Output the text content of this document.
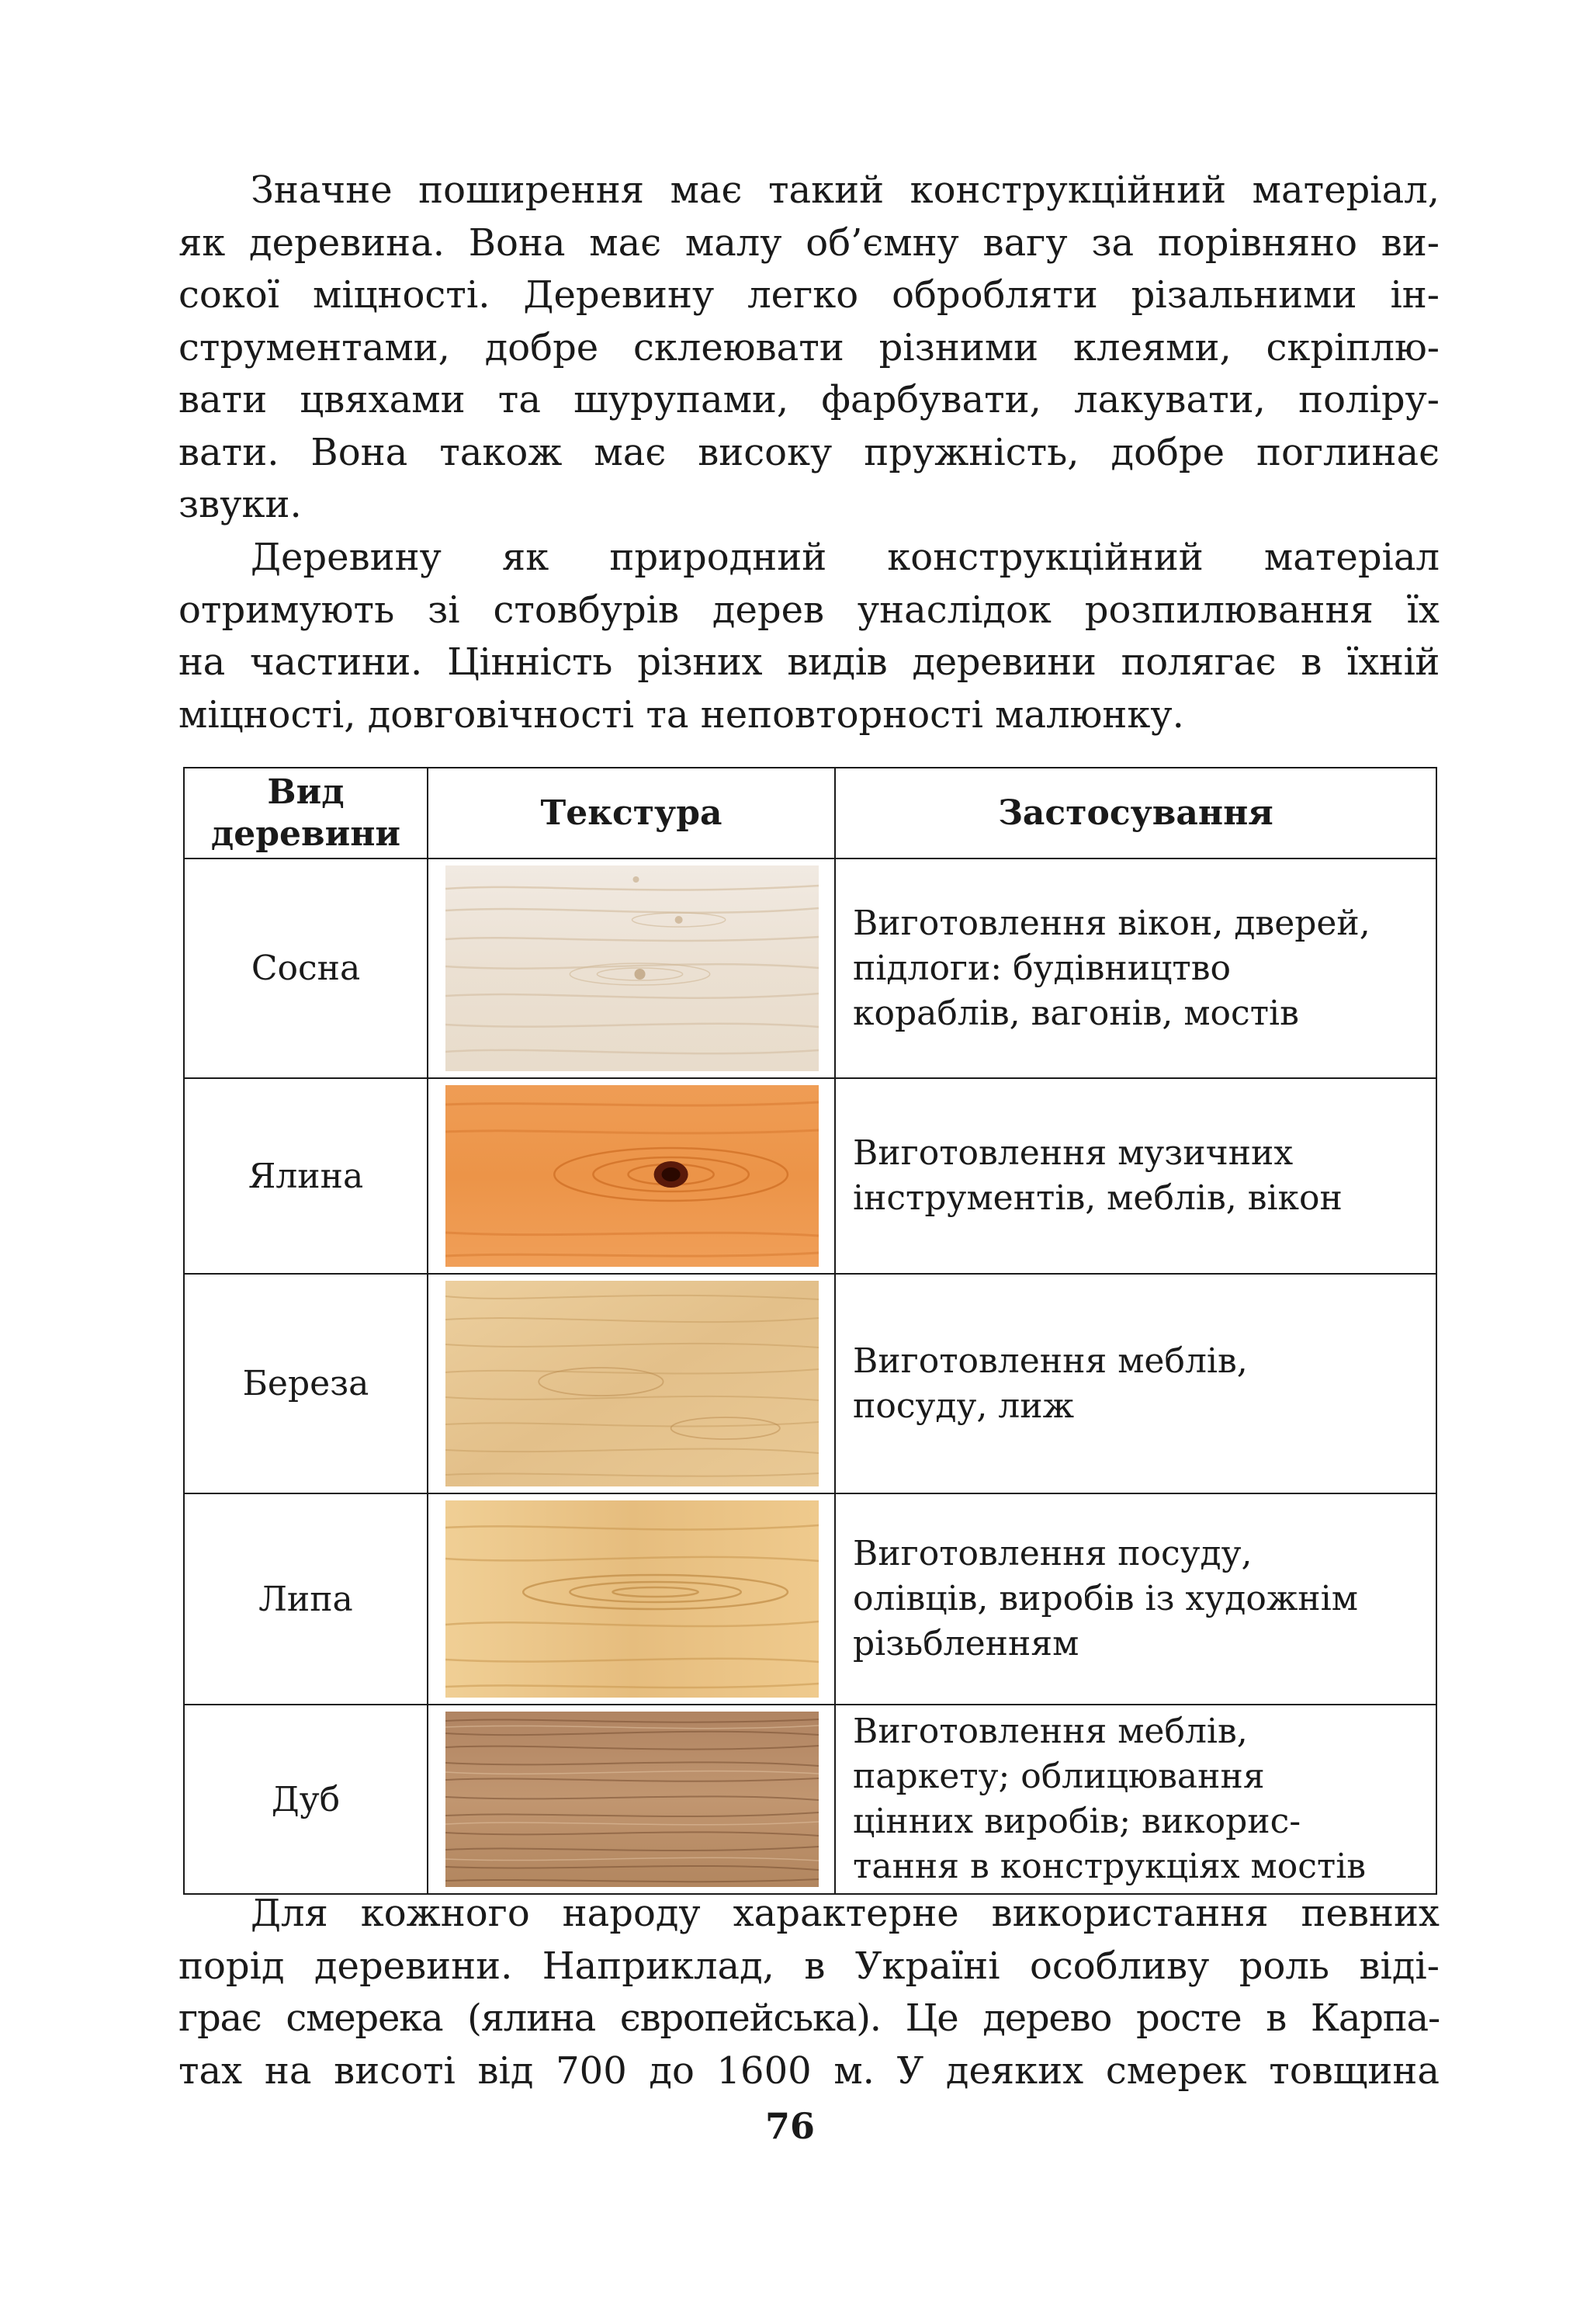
Значне поширення має такий конструкційний матеріал,
як деревина. Вона має малу об’ємну вагу за порівняно ви-
сокої міцності. Деревину легко обробляти різальними ін-
струментами, добре склеювати різними клеями, скріплю-
вати цвяхами та шурупами, фарбувати, лакувати, поліру-
вати. Вона також має високу пружність, добре поглинає
звуки.
Деревину як природний конструкційний матеріал
отримують зі стовбурів дерев унаслідок розпилювання їх
на частини. Цінність різних видів деревини полягає в їхній
міцності, довговічності та неповторності малюнку.
Вид
деревини	Текстура	Застосування
Сосна		Виготовлення вікон, дверей,
підлоги: будівництво
кораблів, вагонів, мостів

Ялина		Виготовлення музичних
інструментів, меблів, вікон

Береза		Виготовлення меблів,
посуду, лиж

Липа		Виготовлення посуду,
олівців, виробів із художнім
різьбленням

Дуб		Виготовлення меблів,
паркету; облицювання
цінних виробів; викорис-
тання в конструкціях мостів
Для кожного народу характерне використання певних
порід деревини. Наприклад, в Україні особливу роль віді-
грає смерека (ялина європейська). Це дерево росте в Карпа-
тах на висоті від 700 до 1600 м. У деяких смерек товщина
76
